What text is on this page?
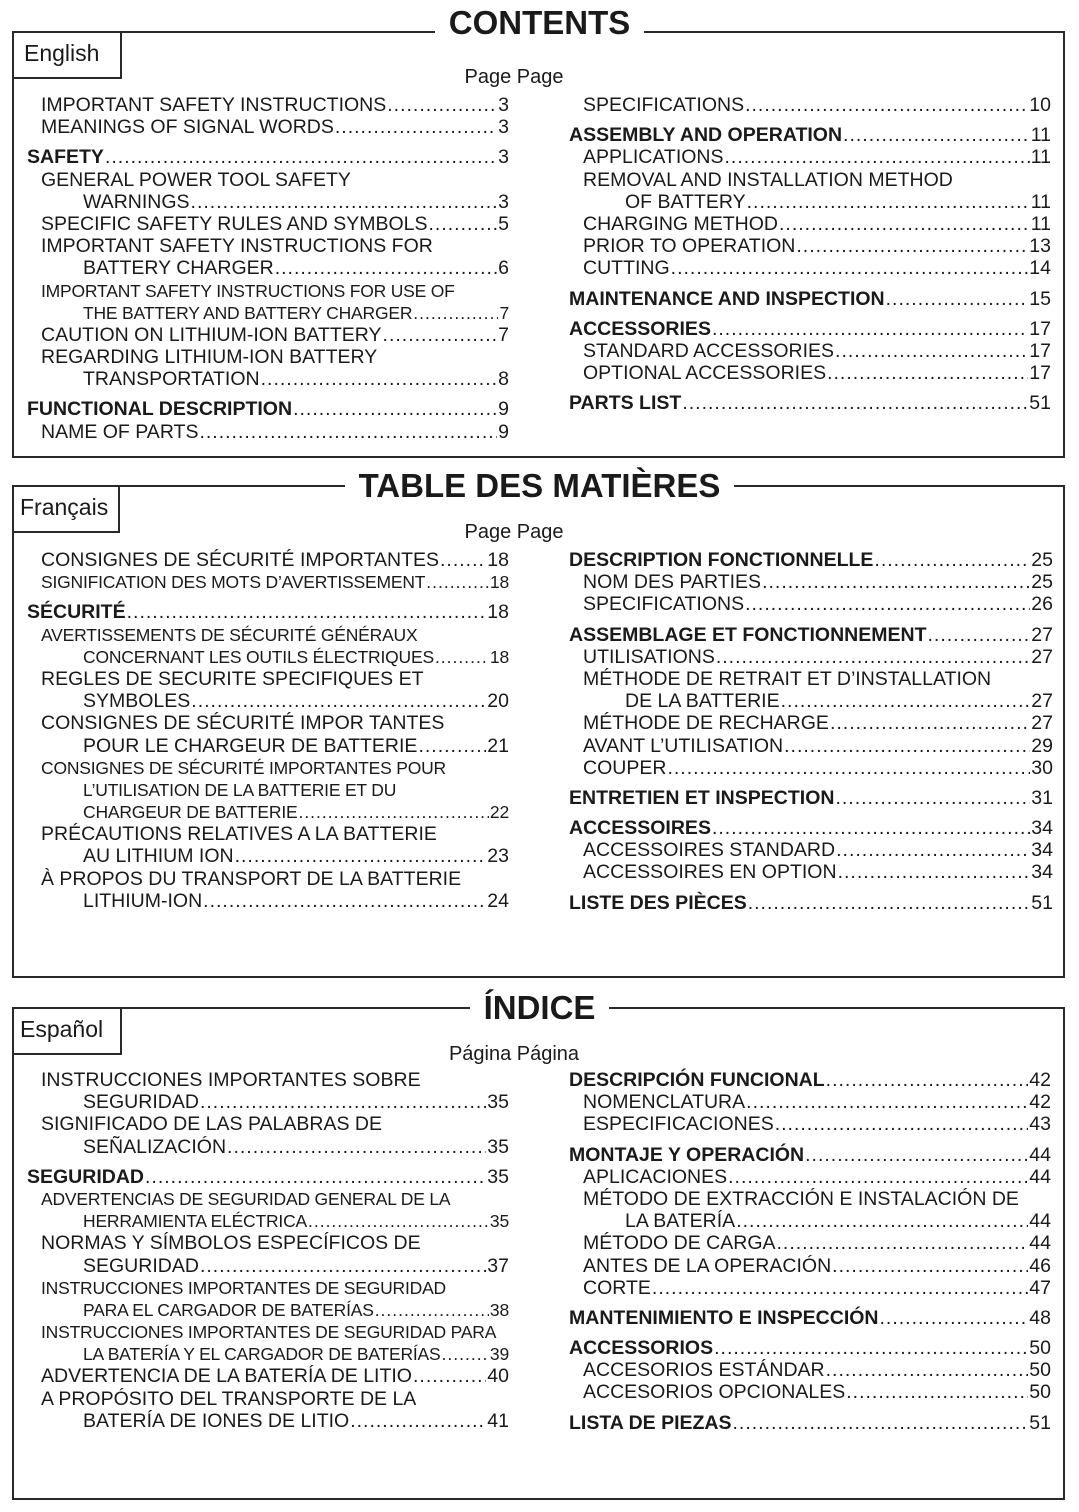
CONTENTS
English
Page Page
IMPORTANT SAFETY INSTRUCTIONS .....	3
MEANINGS OF SIGNAL WORDS .....	3
SAFETY .....	3
GENERAL POWER TOOL SAFETY
WARNINGS .....	3
SPECIFIC SAFETY RULES AND SYMBOLS .....	5
IMPORTANT SAFETY INSTRUCTIONS FOR
BATTERY CHARGER .....	6
IMPORTANT SAFETY INSTRUCTIONS FOR USE OF
THE BATTERY AND BATTERY CHARGER .....	7
CAUTION ON LITHIUM-ION BATTERY .....	7
REGARDING LITHIUM-ION BATTERY
TRANSPORTATION .....	8
FUNCTIONAL DESCRIPTION .....	9
NAME OF PARTS .....	9
SPECIFICATIONS .....	10
ASSEMBLY AND OPERATION .....	11
APPLICATIONS .....	11
REMOVAL AND INSTALLATION METHOD
OF BATTERY .....	11
CHARGING METHOD .....	11
PRIOR TO OPERATION .....	13
CUTTING .....	14
MAINTENANCE AND INSPECTION .....	15
ACCESSORIES .....	17
STANDARD ACCESSORIES .....	17
OPTIONAL ACCESSORIES .....	17
PARTS LIST .....	51
TABLE DES MATIÈRES
Français
Page Page
CONSIGNES DE SÉCURITÉ IMPORTANTES ..... 18
SIGNIFICATION DES MOTS D’AVERTISSEMENT .....	18
SÉCURITÉ .....	18
AVERTISSEMENTS DE SÉCURITÉ GÉNÉRAUX
CONCERNANT LES OUTILS ÉLECTRIQUES .....	18
REGLES DE SECURITE SPECIFIQUES ET
SYMBOLES .....	20
CONSIGNES DE SÉCURITÉ IMPOR TANTES
POUR LE CHARGEUR DE BATTERIE .....	21
CONSIGNES DE SÉCURITÉ IMPORTANTES POUR
L’UTILISATION DE LA BATTERIE ET DU
CHARGEUR DE BATTERIE .....	22
PRÉCAUTIONS RELATIVES A LA BATTERIE
AU LITHIUM ION .....	23
À PROPOS DU TRANSPORT DE LA BATTERIE
LITHIUM-ION .....	24
DESCRIPTION FONCTIONNELLE .....	25
NOM DES PARTIES .....	25
SPECIFICATIONS .....	26
ASSEMBLAGE ET FONCTIONNEMENT .....	27
UTILISATIONS .....	27
MÉTHODE DE RETRAIT ET D’INSTALLATION
DE LA BATTERIE .....	27
MÉTHODE DE RECHARGE .....	27
AVANT L’UTILISATION .....	29
COUPER .....	30
ENTRETIEN ET INSPECTION .....	31
ACCESSOIRES .....	34
ACCESSOIRES STANDARD .....	34
ACCESSOIRES EN OPTION .....	34
LISTE DES PIÈCES .....	51
ÍNDICE
Español
Página Página
INSTRUCCIONES IMPORTANTES SOBRE
SEGURIDAD .....	35
SIGNIFICADO DE LAS PALABRAS DE
SEÑALIZACIÓN .....	35
SEGURIDAD .....	35
ADVERTENCIAS DE SEGURIDAD GENERAL DE LA
HERRAMIENTA ELÉCTRICA .....	35
NORMAS Y SÍMBOLOS ESPECÍFICOS DE
SEGURIDAD .....	37
INSTRUCCIONES IMPORTANTES DE SEGURIDAD
PARA EL CARGADOR DE BATERÍAS .....	38
INSTRUCCIONES IMPORTANTES DE SEGURIDAD PARA
LA BATERÍA Y EL CARGADOR DE BATERÍAS .....	39
ADVERTENCIA DE LA BATERÍA DE LITIO .....	40
A PROPÓSITO DEL TRANSPORTE DE LA
BATERÍA DE IONES DE LITIO .....	41
DESCRIPCIÓN FUNCIONAL .....	42
NOMENCLATURA .....	42
ESPECIFICACIONES .....	43
MONTAJE Y OPERACIÓN .....	44
APLICACIONES .....	44
MÉTODO DE EXTRACCIÓN E INSTALACIÓN DE
LA BATERÍA .....	44
MÉTODO DE CARGA .....	44
ANTES DE LA OPERACIÓN .....	46
CORTE .....	47
MANTENIMIENTO E INSPECCIÓN .....	48
ACCESSORIOS .....	50
ACCESORIOS ESTÁNDAR .....	50
ACCESORIOS OPCIONALES .....	50
LISTA DE PIEZAS .....	51
